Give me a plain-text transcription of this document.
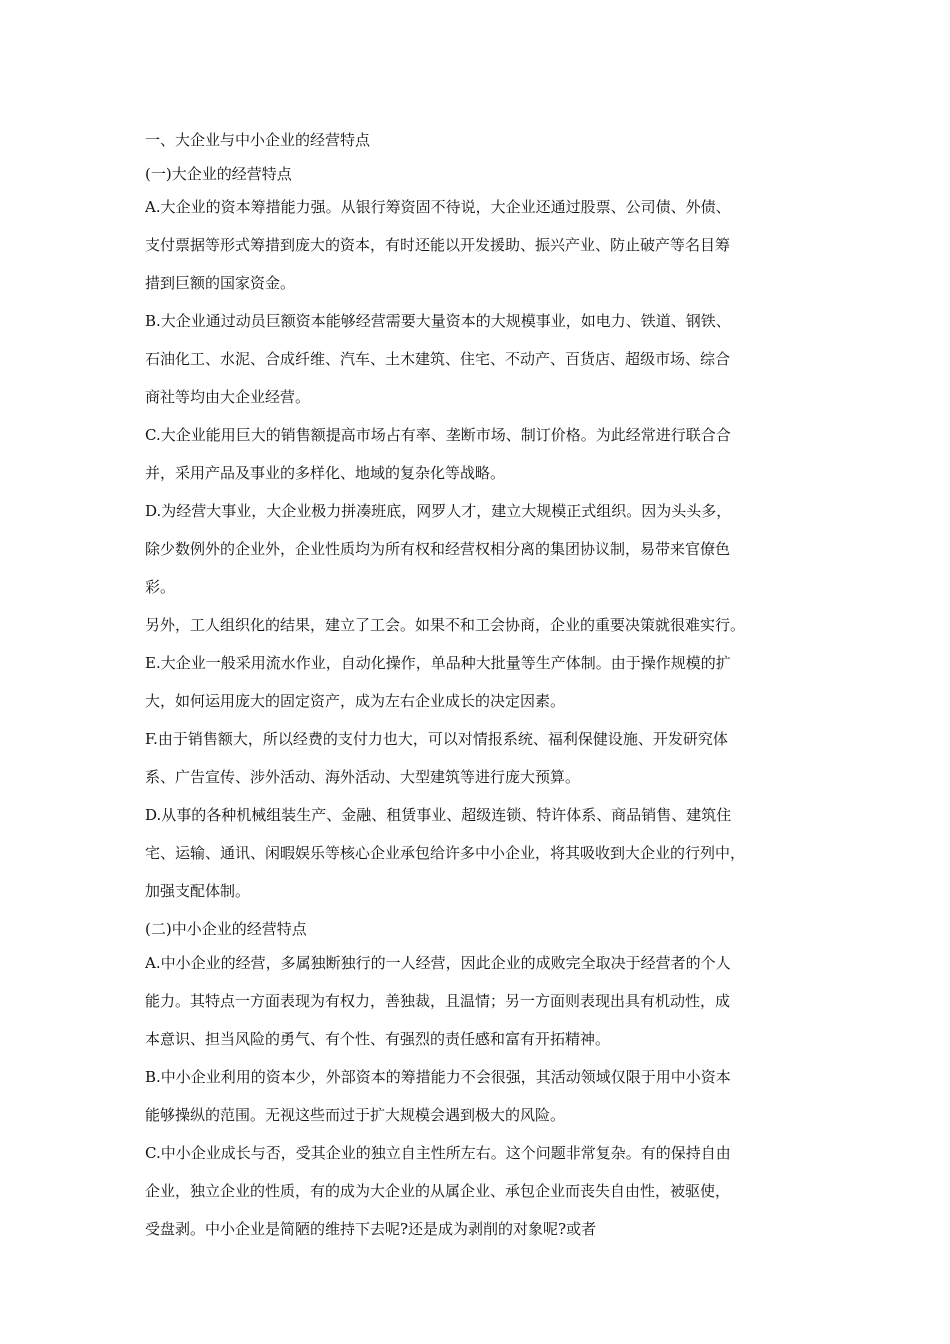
一、大企业与中小企业的经营特点
(一)大企业的经营特点
A.大企业的资本筹措能力强。从银行筹资固不待说，大企业还通过股票、公司债、外债、
支付票据等形式筹措到庞大的资本，有时还能以开发援助、振兴产业、防止破产等名目筹
措到巨额的国家资金。
B.大企业通过动员巨额资本能够经营需要大量资本的大规模事业，如电力、铁道、钢铁、
石油化工、水泥、合成纤维、汽车、土木建筑、住宅、不动产、百货店、超级市场、综合
商社等均由大企业经营。
C.大企业能用巨大的销售额提高市场占有率、垄断市场、制订价格。为此经常进行联合合
并，采用产品及事业的多样化、地域的复杂化等战略。
D.为经营大事业，大企业极力拼凑班底，网罗人才，建立大规模正式组织。因为头头多，
除少数例外的企业外，企业性质均为所有权和经营权相分离的集团协议制，易带来官僚色
彩。
另外，工人组织化的结果，建立了工会。如果不和工会协商，企业的重要决策就很难实行。
E.大企业一般采用流水作业，自动化操作，单品种大批量等生产体制。由于操作规模的扩
大，如何运用庞大的固定资产，成为左右企业成长的决定因素。
F.由于销售额大，所以经费的支付力也大，可以对情报系统、福利保健设施、开发研究体
系、广告宣传、涉外活动、海外活动、大型建筑等进行庞大预算。
D.从事的各种机械组装生产、金融、租赁事业、超级连锁、特许体系、商品销售、建筑住
宅、运输、通讯、闲暇娱乐等核心企业承包给许多中小企业，将其吸收到大企业的行列中，
加强支配体制。
(二)中小企业的经营特点
A.中小企业的经营，多属独断独行的一人经营，因此企业的成败完全取决于经营者的个人
能力。其特点一方面表现为有权力，善独裁，且温情；另一方面则表现出具有机动性，成
本意识、担当风险的勇气、有个性、有强烈的责任感和富有开拓精神。
B.中小企业利用的资本少，外部资本的筹措能力不会很强，其活动领域仅限于用中小资本
能够操纵的范围。无视这些而过于扩大规模会遇到极大的风险。
C.中小企业成长与否，受其企业的独立自主性所左右。这个问题非常复杂。有的保持自由
企业，独立企业的性质，有的成为大企业的从属企业、承包企业而丧失自由性，被驱使，
受盘剥。中小企业是简陋的维持下去呢?还是成为剥削的对象呢?或者
